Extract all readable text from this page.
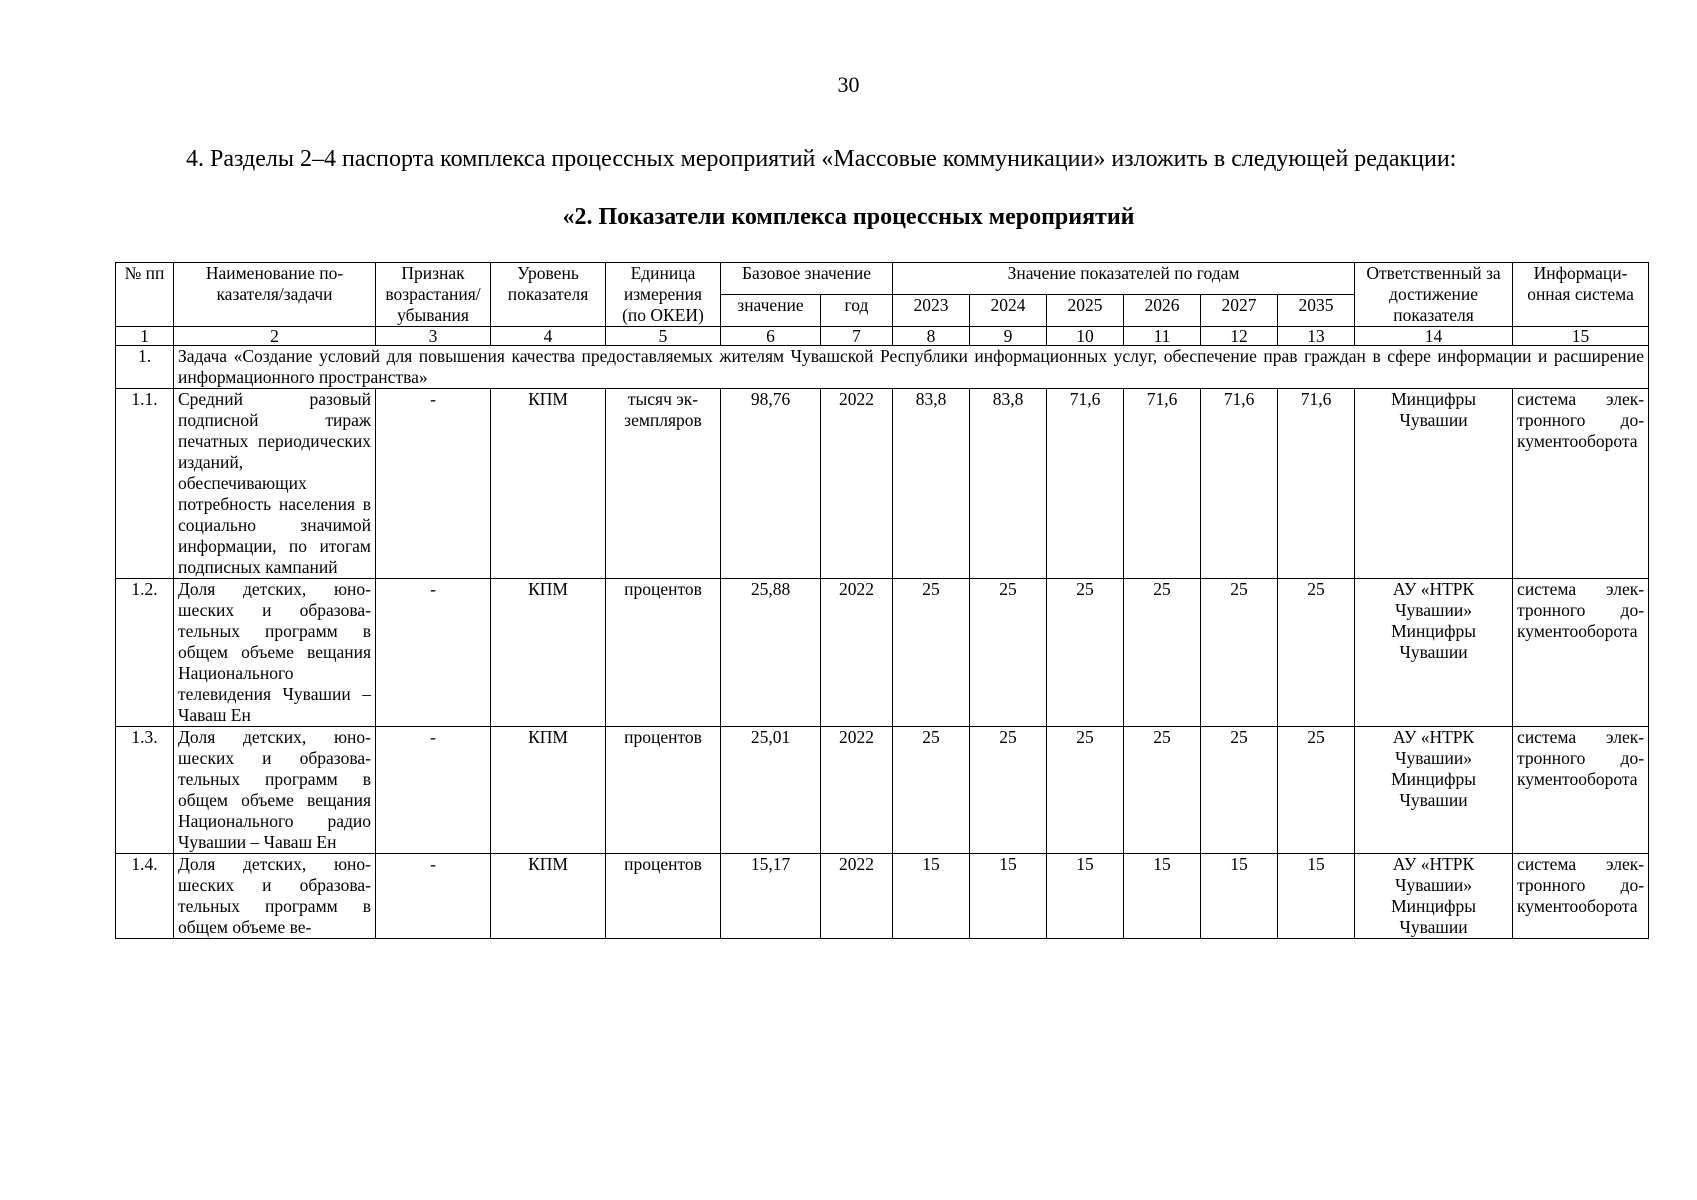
30
4. Разделы 2–4 паспорта комплекса процессных мероприятий «Массовые коммуникации» изложить в следующей редакции:
«2. Показатели комплекса процессных мероприятий
№ пп	Наименование показателя/задачи	Признак возрастания/убывания	Уровень показателя	Единица измерения (по ОКЕИ)	Базовое значение		Значение показателей по годам						Ответственный за достижение показателя	Информационная система
					значение	год	2023	2024	2025	2026	2027	2035		
1	2	3	4	5	6	7	8	9	10	11	12	13	14	15
1.	Задача «Создание условий для повышения качества предоставляемых жителям Чувашской Республики информационных услуг, обеспечение прав граждан в сфере информации и расширение информационного пространства»													
1.1.	Средний разовый подписной тираж печатных периодических изданий, обеспечивающих потребность населения в социально значимой информации, по итогам подписных кампаний	-	КПМ	тысяч экземпляров	98,76	2022	83,8	83,8	71,6	71,6	71,6	71,6	Минцифры Чувашии	система электронного документооборота
1.2.	Доля детских, юношеских и образовательных программ в общем объеме вещания Национального телевидения Чувашии – Чаваш Ен	-	КПМ	процентов	25,88	2022	25	25	25	25	25	25	АУ «НТРК Чувашии» Минцифры Чувашии	система электронного документооборота
1.3.	Доля детских, юношеских и образовательных программ в общем объеме вещания Национального радио Чувашии – Чаваш Ен	-	КПМ	процентов	25,01	2022	25	25	25	25	25	25	АУ «НТРК Чувашии» Минцифры Чувашии	система электронного документооборота
1.4.	Доля детских, юношеских и образовательных программ в общем объеме ве-	-	КПМ	процентов	15,17	2022	15	15	15	15	15	15	АУ «НТРК Чувашии» Минцифры Чувашии	система электронного документооборота
